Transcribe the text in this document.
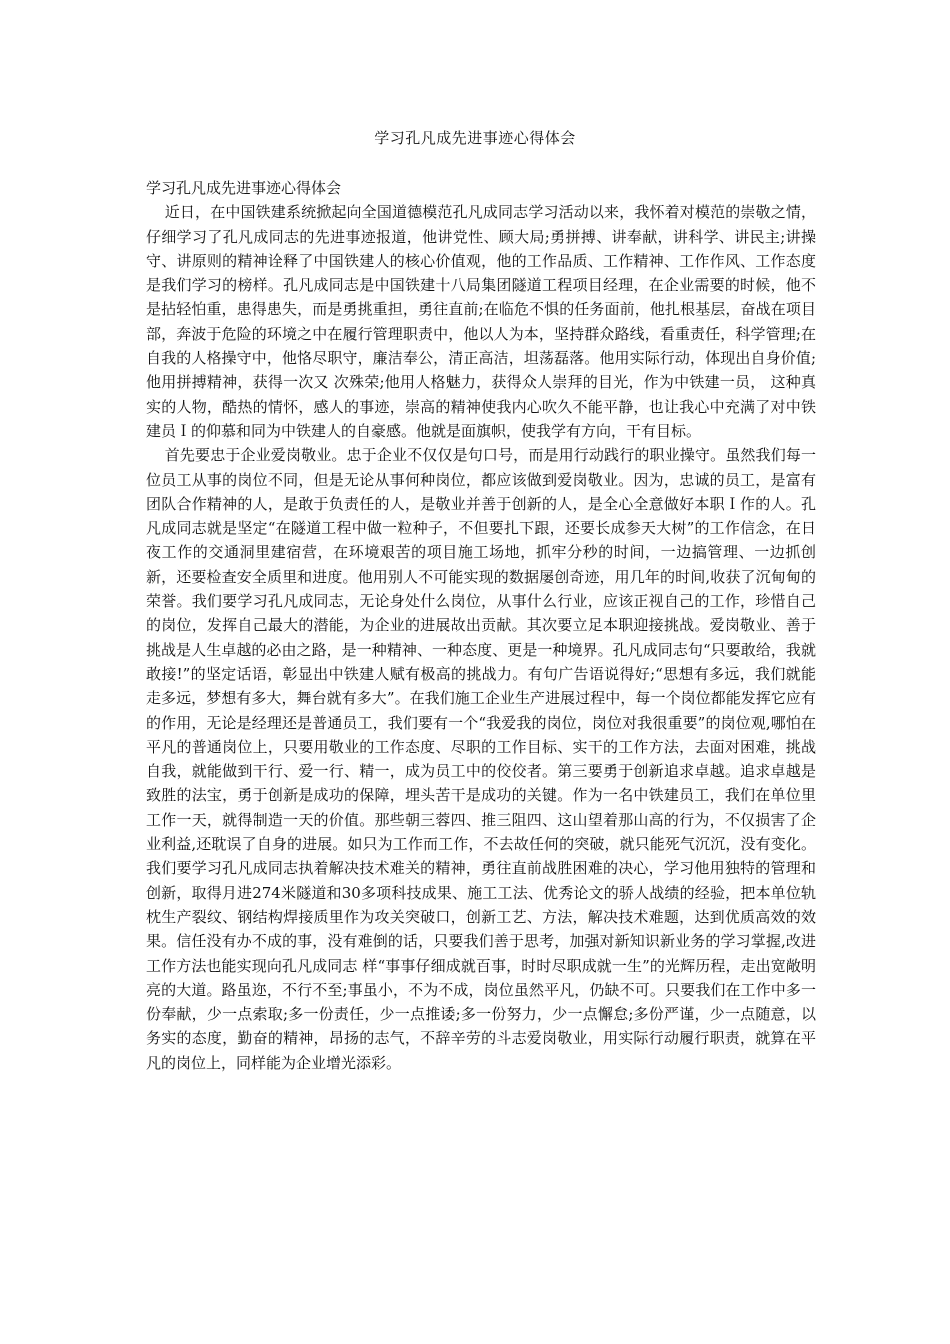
学习孔凡成先进事迹心得体会

学习孔凡成先进事迹心得体会

近日，在中国铁建系统掀起向全国道德模范孔凡成同志学习活动以来，我怀着对模范的崇敬之情，仔细学习了孔凡成同志的先进事迹报道，他讲党性、顾大局;勇拼搏、讲奉献，讲科学、讲民主;讲操守、讲原则的精神诠释了中国铁建人的核心价值观，他的工作品质、工作精神、工作作风、工作态度是我们学习的榜样。孔凡成同志是中国铁建十八局集团隧道工程项目经理，在企业需要的时候，他不是拈轻怕重，患得患失，而是勇挑重担，勇往直前;在临危不惧的任务面前，他扎根基层，奋战在项目部，奔波于危险的环境之中在履行管理职责中，他以人为本，坚持群众路线，看重责任，科学管理;在自我的人格操守中，他恪尽职守，廉洁奉公，清正高洁，坦荡磊落。他用实际行动，体现出自身价值;他用拼搏精神，获得一次又 次殊荣;他用人格魅力，获得众人崇拜的目光，作为中铁建一员， 这种真实的人物，酷热的情怀，感人的事迹，崇高的精神使我内心吹久不能平静，也让我心中充满了对中铁建员Ｉ的仰慕和同为中铁建人的自豪感。他就是面旗帜，使我学有方向，干有目标。

首先要忠于企业爱岗敬业。忠于企业不仅仅是句口号，而是用行动践行的职业操守。虽然我们每一位员工从事的岗位不同，但是无论从事何种岗位，都应该做到爱岗敬业。因为，忠诚的员工，是富有团队合作精神的人，是敢于负责任的人，是敬业并善于创新的人，是全心全意做好本职Ｉ作的人。孔凡成同志就是坚定“在隧道工程中做一粒种子，不但要扎下跟，还要长成参天大树”的工作信念，在日夜工作的交通洞里建宿营，在环境艰苦的项目施工场地，抓牢分秒的时间，一边搞管理、一边抓创新，还要检查安全质里和进度。他用别人不可能实现的数据屡创奇迹，用几年的时间,收获了沉甸甸的荣誉。我们要学习孔凡成同志，无论身处什么岗位，从事什么行业，应该正视自己的工作，珍惜自己的岗位，发挥自己最大的潜能，为企业的进展故出贡献。其次要立足本职迎接挑战。爱岗敬业、善于挑战是人生卓越的必由之路，是一种精神、一种态度、更是一种境界。孔凡成同志句“只要敢给，我就敢接!”的坚定话语，彰显出中铁建人赋有极高的挑战力。有句广告语说得好;“思想有多远，我们就能走多远，梦想有多大，舞台就有多大”。在我们施工企业生产进展过程中，每一个岗位都能发挥它应有的作用，无论是经理还是普通员工，我们要有一个“我爱我的岗位，岗位对我很重要”的岗位观,哪怕在平凡的普通岗位上，只要用敬业的工作态度、尽职的工作目标、实干的工作方法，去面对困难，挑战自我，就能做到干行、爱一行、精一，成为员工中的佼佼者。第三要勇于创新追求卓越。追求卓越是致胜的法宝，勇于创新是成功的保障，埋头苦干是成功的关键。作为一名中铁建员工，我们在单位里工作一天，就得制造一天的价值。那些朝三蓉四、推三阻四、这山望着那山高的行为，不仅损害了企业利益,还耽误了自身的进展。如只为工作而工作，不去故任何的突破，就只能死气沉沉，没有变化。我们要学习孔凡成同志执着解决技术难关的精神，勇往直前战胜困难的决心，学习他用独特的管理和创新，取得月进274米隧道和30多项科技成果、施工工法、优秀论文的骄人战绩的经验，把本单位轨枕生产裂纹、钢结构焊接质里作为攻关突破口，创新工艺、方法，解决技术难题，达到优质高效的效果。信任没有办不成的事，没有难倒的话，只要我们善于思考，加强对新知识新业务的学习掌握,改进工作方法也能实现向孔凡成同志 样“事事仔细成就百事，时时尽职成就一生”的光辉历程，走出宽敞明亮的大道。路虽迩，不行不至;事虽小，不为不成，岗位虽然平凡，仍缺不可。只要我们在工作中多一份奉献，少一点索取;多一份责任，少一点推诿;多一份努力，少一点懈怠;多份严谨，少一点随意，以务实的态度，勤奋的精神，昂扬的志气，不辞辛劳的斗志爱岗敬业，用实际行动履行职责，就算在平凡的岗位上，同样能为企业增光添彩。
